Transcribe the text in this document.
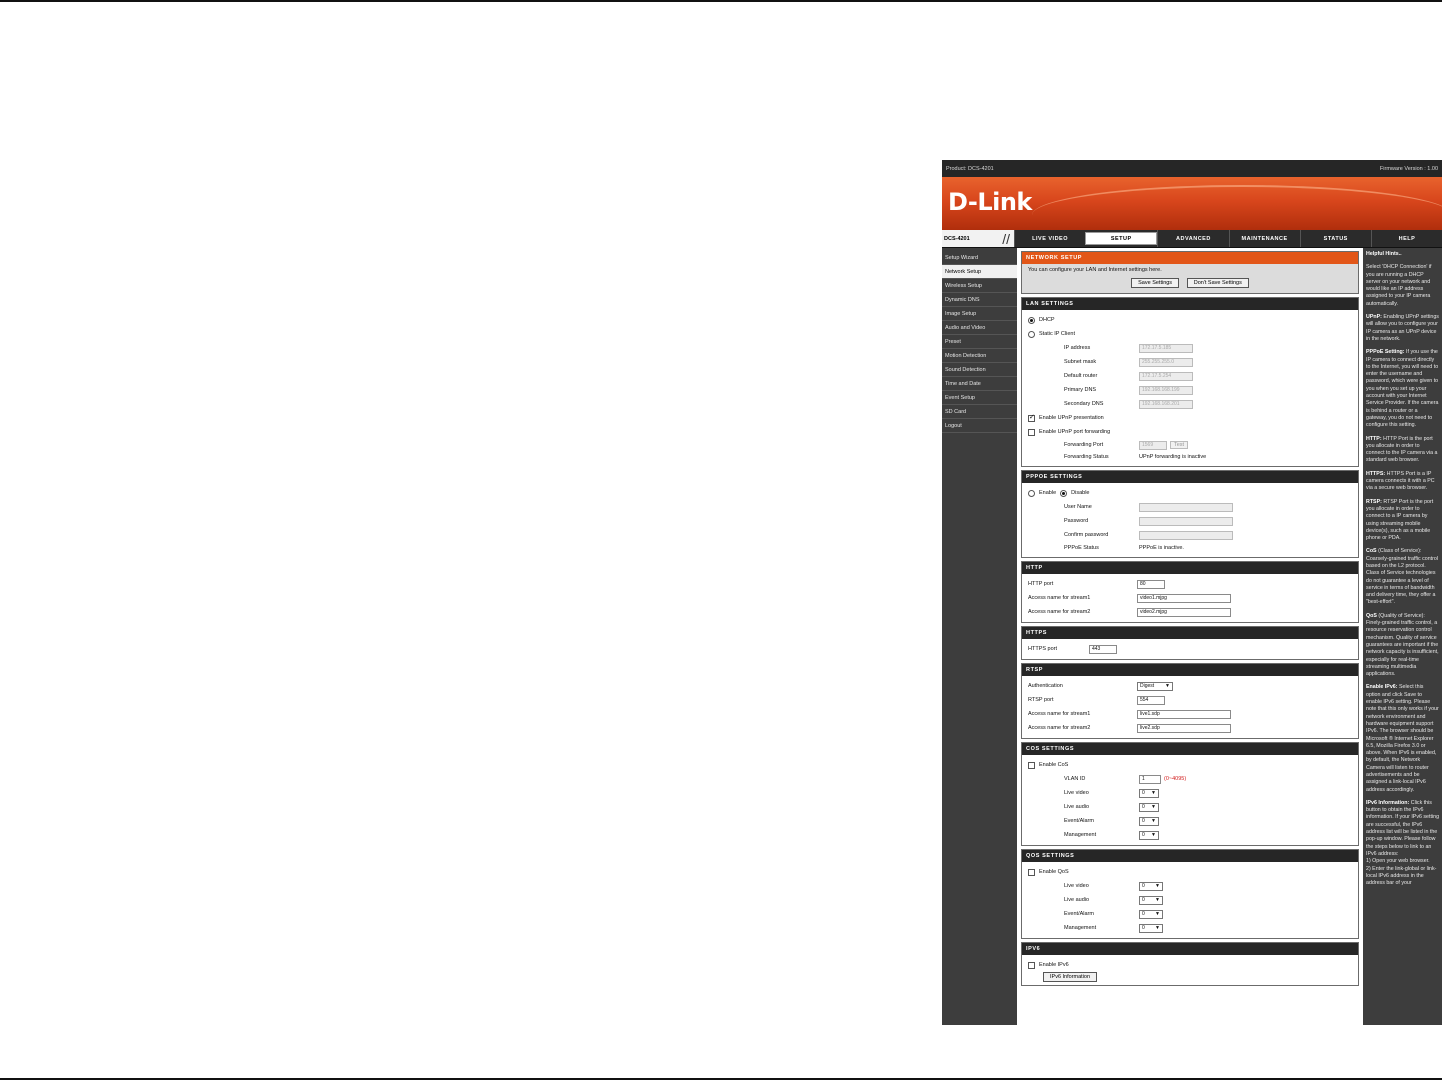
Product: DCS-4201	Firmware Version : 1.00
D-Link
DCS-4201 //	LIVE VIDEO	SETUP	ADVANCED	MAINTENANCE	STATUS	HELP
Setup Wizard
Network Setup
Wireless Setup
Dynamic DNS
Image Setup
Audio and Video
Preset
Motion Detection
Sound Detection
Time and Date
Event Setup
SD Card
Logout
NETWORK SETUP
You can configure your LAN and Internet settings here.
Save Settings	Don't Save Settings
LAN SETTINGS
DHCP
Static IP Client
IP address	172.17.5.185
Subnet mask	255.255.255.0
Default router	172.17.5.254
Primary DNS	192.168.168.199
Secondary DNS	192.168.168.201
✓
Enable UPnP presentation
Enable UPnP port forwarding
Forwarding Port	1569	Test
Forwarding Status	UPnP forwarding is inactive
PPPOE SETTINGS
Enable	Disable
User Name
Password
Confirm password
PPPoE Status	PPPoE is inactive.
HTTP
HTTP port	80
Access name for stream1	video1.mjpg
Access name for stream2	video2.mjpg
HTTPS
HTTPS port	443
RTSP
Authentication	Digest ▼
RTSP port	554
Access name for stream1	live1.sdp
Access name for stream2	live2.sdp
COS SETTINGS
Enable CoS
VLAN ID	1	(0~4095)
Live video	0 ▼
Live audio	0 ▼
Event/Alarm	0 ▼
Management	0 ▼
QOS SETTINGS
Enable QoS
Live video	0 ▼
Live audio	0 ▼
Event/Alarm	0 ▼
Management	0 ▼
IPV6
Enable IPv6
IPv6 Information

Helpful Hints..

Select 'DHCP Connection' if you are running a DHCP server on your network and would like an IP address assigned to your IP camera automatically.

UPnP: Enabling UPnP settings will allow you to configure your IP camera as an UPnP device in the network.

PPPoE Setting: If you use the IP camera to connect directly to the Internet, you will need to enter the username and password, which were given to you when you set up your account with your Internet Service Provider. If the camera is behind a router or a gateway, you do not need to configure this setting.

HTTP: HTTP Port is the port you allocate in order to connect to the IP camera via a standard web browser.

HTTPS: HTTPS Port is a IP camera connects it with a PC via a secure web browser.

RTSP: RTSP Port is the port you allocate in order to connect to a IP camera by using streaming mobile device(s), such as a mobile phone or PDA.

CoS (Class of Service): Coarsely-grained traffic control based on the L2 protocol. Class of Service technologies do not guarantee a level of service in terms of bandwidth and delivery time, they offer a "best-effort".

QoS (Quality of Service): Finely-grained traffic control, a resource reservation control mechanism. Quality of service guarantees are important if the network capacity is insufficient, especially for real-time streaming multimedia applications.

Enable IPv6: Select this option and click Save to enable IPv6 setting. Please note that this only works if your network environment and hardware equipment support IPv6. The browser should be Microsoft ® Internet Explorer 6.5, Mozilla Firefox 3.0 or above. When IPv6 is enabled, by default, the Network Camera will listen to router advertisements and be assigned a link-local IPv6 address accordingly.

IPv6 Information: Click this button to obtain the IPv6 information. If your IPv6 setting are successful, the IPv6 address list will be listed in the pop-up window. Please follow the steps below to link to an IPv6 address:
1) Open your web browser.
2) Enter the link-global or link-local IPv6 address in the address bar of your
